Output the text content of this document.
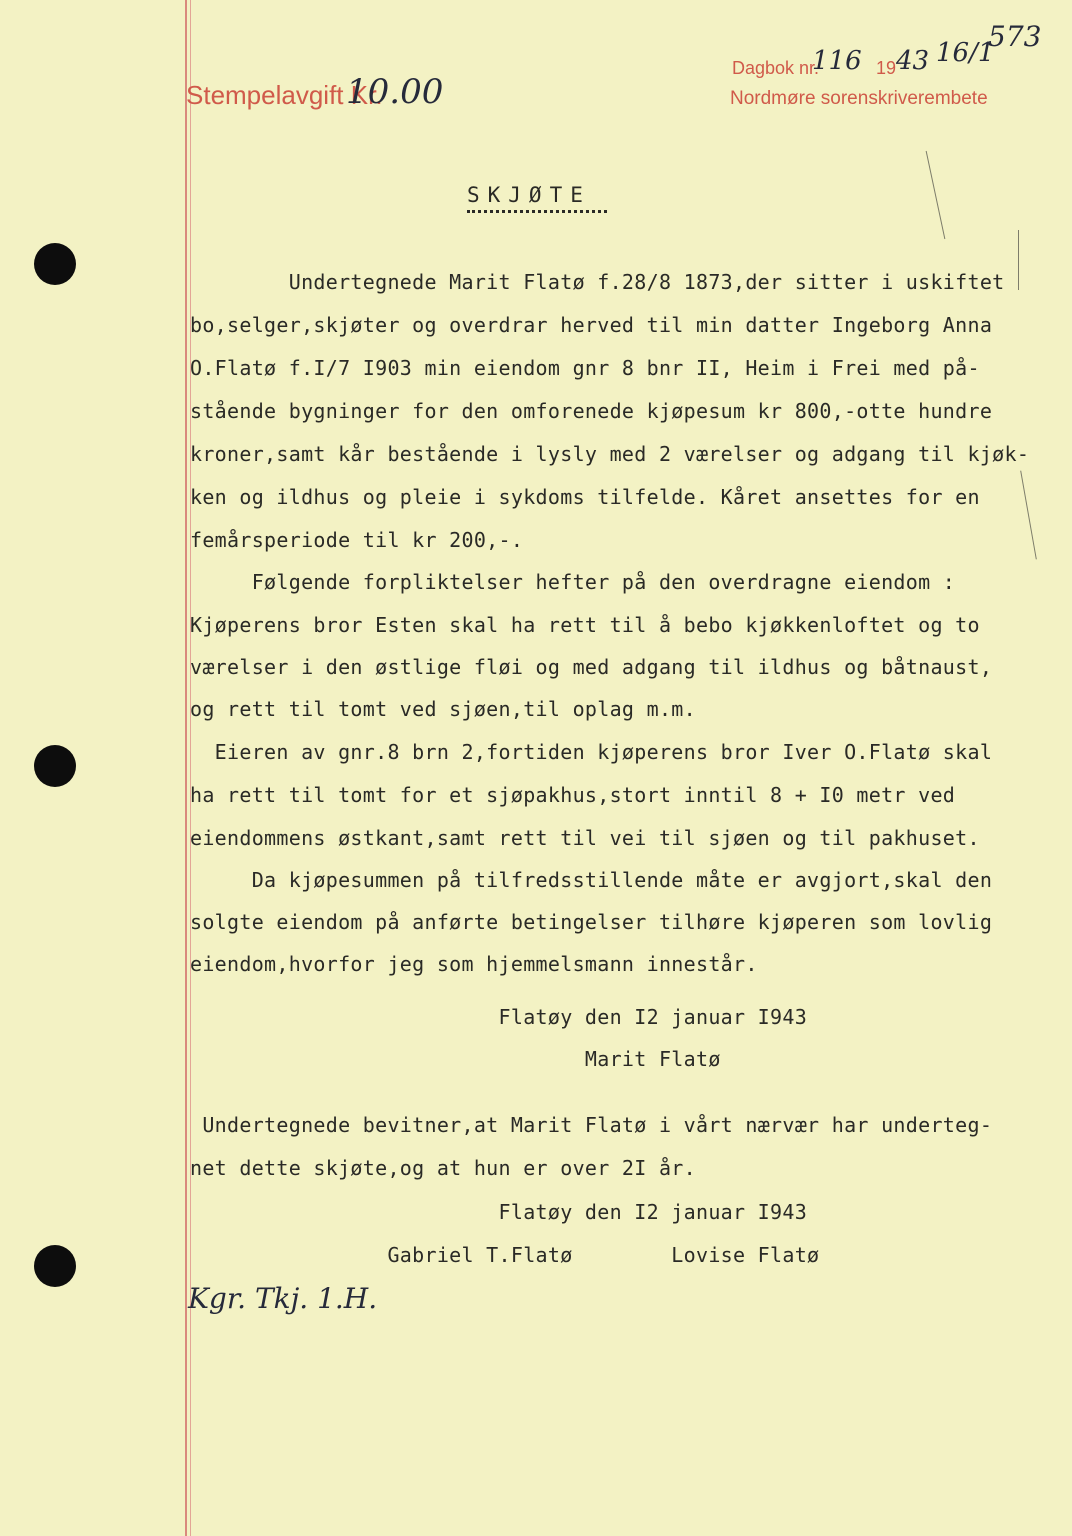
Stempelavgift Kr.
10.00
Dagbok nr.
116 19 43 16/1
Nordmøre sorenskriverembete
573
SKJØTE
Undertegnede Marit Flatø f.28/8 1873,der sitter i uskiftet
bo,selger,skjøter og overdrar herved til min datter Ingeborg Anna
O.Flatø f.I/7 I903 min eiendom gnr 8 bnr II, Heim i Frei med på-
stående bygninger for den omforenede kjøpesum kr 800,-otte hundre
kroner,samt kår bestående i lysly med 2 værelser og adgang til kjøk-
ken og ildhus og pleie i sykdoms tilfelde. Kåret ansettes for en
femårsperiode til kr 200,-.
Følgende forpliktelser hefter på den overdragne eiendom :
Kjøperens bror Esten skal ha rett til å bebo kjøkkenloftet og to
værelser i den østlige fløi og med adgang til ildhus og båtnaust,
og rett til tomt ved sjøen,til oplag m.m.
Eieren av gnr.8 brn 2,fortiden kjøperens bror Iver O.Flatø skal
ha rett til tomt for et sjøpakhus,stort inntil 8 + I0 metr ved
eiendommens østkant,samt rett til vei til sjøen og til pakhuset.
Da kjøpesummen på tilfredsstillende måte er avgjort,skal den
solgte eiendom på anførte betingelser tilhøre kjøperen som lovlig
eiendom,hvorfor jeg som hjemmelsmann innestår.
Flatøy den I2 januar I943
Marit Flatø
Undertegnede bevitner,at Marit Flatø i vårt nærvær har underteg-
net dette skjøte,og at hun er over 2I år.
Flatøy den I2 januar I943
Gabriel T.Flatø        Lovise Flatø
Kgr. Tkj. 1.H.
